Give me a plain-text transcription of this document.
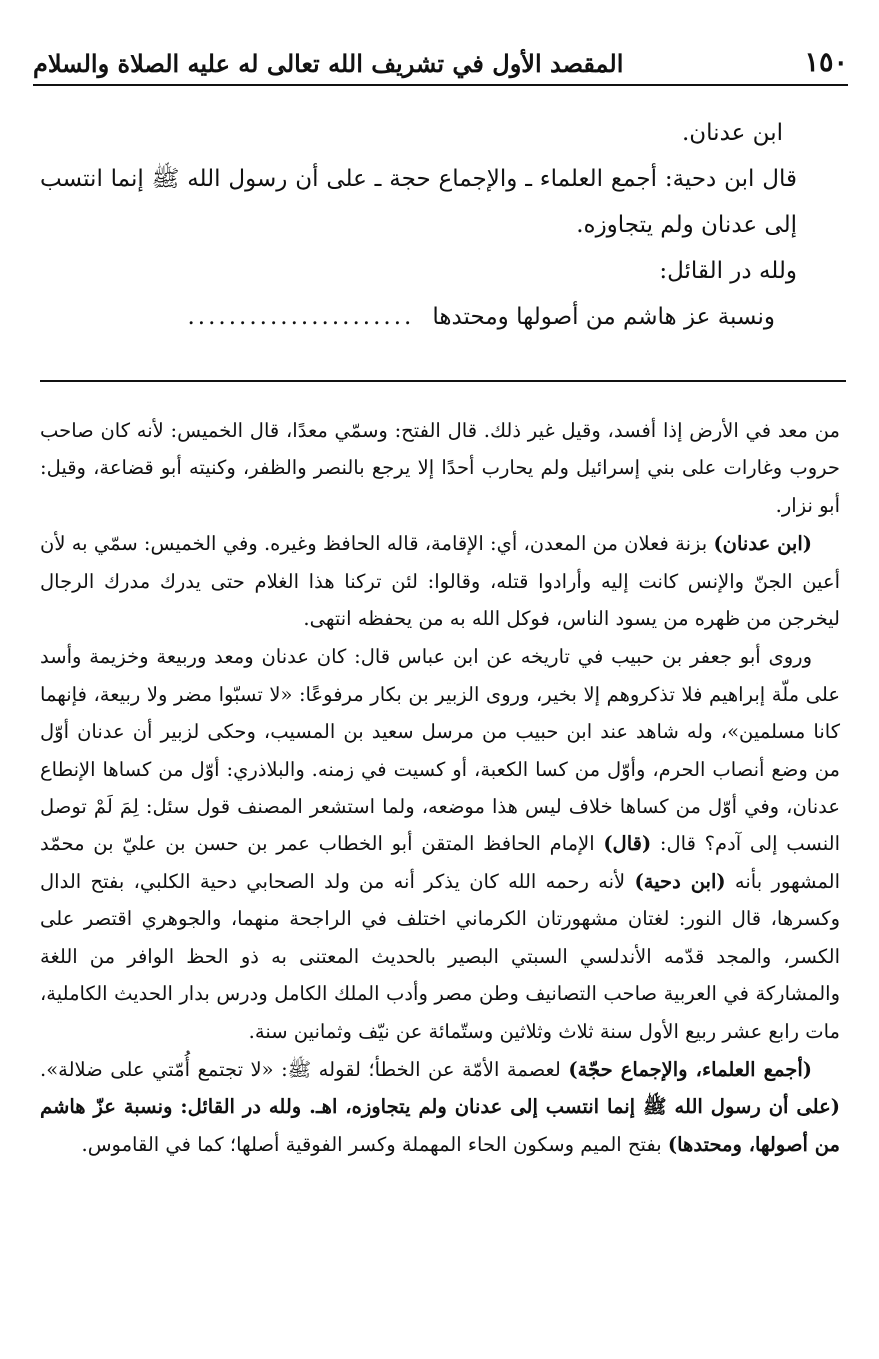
١٥٠
المقصد الأول في تشريف الله تعالى له عليه الصلاة والسلام

ابن عدنان.

قال ابن دحية: أجمع العلماء ـ والإجماع حجة ـ على أن رسول الله ﷺ إنما انتسب إلى عدنان ولم يتجاوزه.

ولله در القائل:

ونسبة عز هاشم من أصولها ومحتدها
......................

من معد في الأرض إذا أفسد، وقيل غير ذلك. قال الفتح: وسمّي معدًا، قال الخميس: لأنه كان صاحب حروب وغارات على بني إسرائيل ولم يحارب أحدًا إلا يرجع بالنصر والظفر، وكنيته أبو قضاعة، وقيل: أبو نزار.

(ابن عدنان) بزنة فعلان من المعدن، أي: الإقامة، قاله الحافظ وغيره. وفي الخميس: سمّي به لأن أعين الجنّ والإنس كانت إليه وأرادوا قتله، وقالوا: لئن تركنا هذا الغلام حتى يدرك مدرك الرجال ليخرجن من ظهره من يسود الناس، فوكل الله به من يحفظه انتهى.

وروى أبو جعفر بن حبيب في تاريخه عن ابن عباس قال: كان عدنان ومعد وربيعة وخزيمة وأسد على ملّة إبراهيم فلا تذكروهم إلا بخير، وروى الزبير بن بكار مرفوعًا: «لا تسبّوا مضر ولا ربيعة، فإنهما كانا مسلمين»، وله شاهد عند ابن حبيب من مرسل سعيد بن المسيب، وحكى لزبير أن عدنان أوّل من وضع أنصاب الحرم، وأوّل من كسا الكعبة، أو كسيت في زمنه. والبلاذري: أوّل من كساها الإنطاع عدنان، وفي أوّل من كساها خلاف ليس هذا موضعه، ولما استشعر المصنف قول سئل: لِمَ لَمْ توصل النسب إلى آدم؟ قال: (قال) الإمام الحافظ المتقن أبو الخطاب عمر بن حسن بن عليّ بن محمّد المشهور بأنه (ابن دحية) لأنه رحمه الله كان يذكر أنه من ولد الصحابي دحية الكلبي، بفتح الدال وكسرها، قال النور: لغتان مشهورتان الكرماني اختلف في الراجحة منهما، والجوهري اقتصر على الكسر، والمجد قدّمه الأندلسي السبتي البصير بالحديث المعتنى به ذو الحظ الوافر من اللغة والمشاركة في العربية صاحب التصانيف وطن مصر وأدب الملك الكامل ودرس بدار الحديث الكاملية، مات رابع عشر ربيع الأول سنة ثلاث وثلاثين وستّمائة عن نيّف وثمانين سنة.

(أجمع العلماء، والإجماع حجّة) لعصمة الأمّة عن الخطأ؛ لقوله ﷺ: «لا تجتمع أُمّتي على ضلالة». (على أن رسول الله ﷺ إنما انتسب إلى عدنان ولم يتجاوزه، اهـ. ولله در القائل: ونسبة عزّ هاشم من أصولها، ومحتدها) بفتح الميم وسكون الحاء المهملة وكسر الفوقية أصلها؛ كما في القاموس.
